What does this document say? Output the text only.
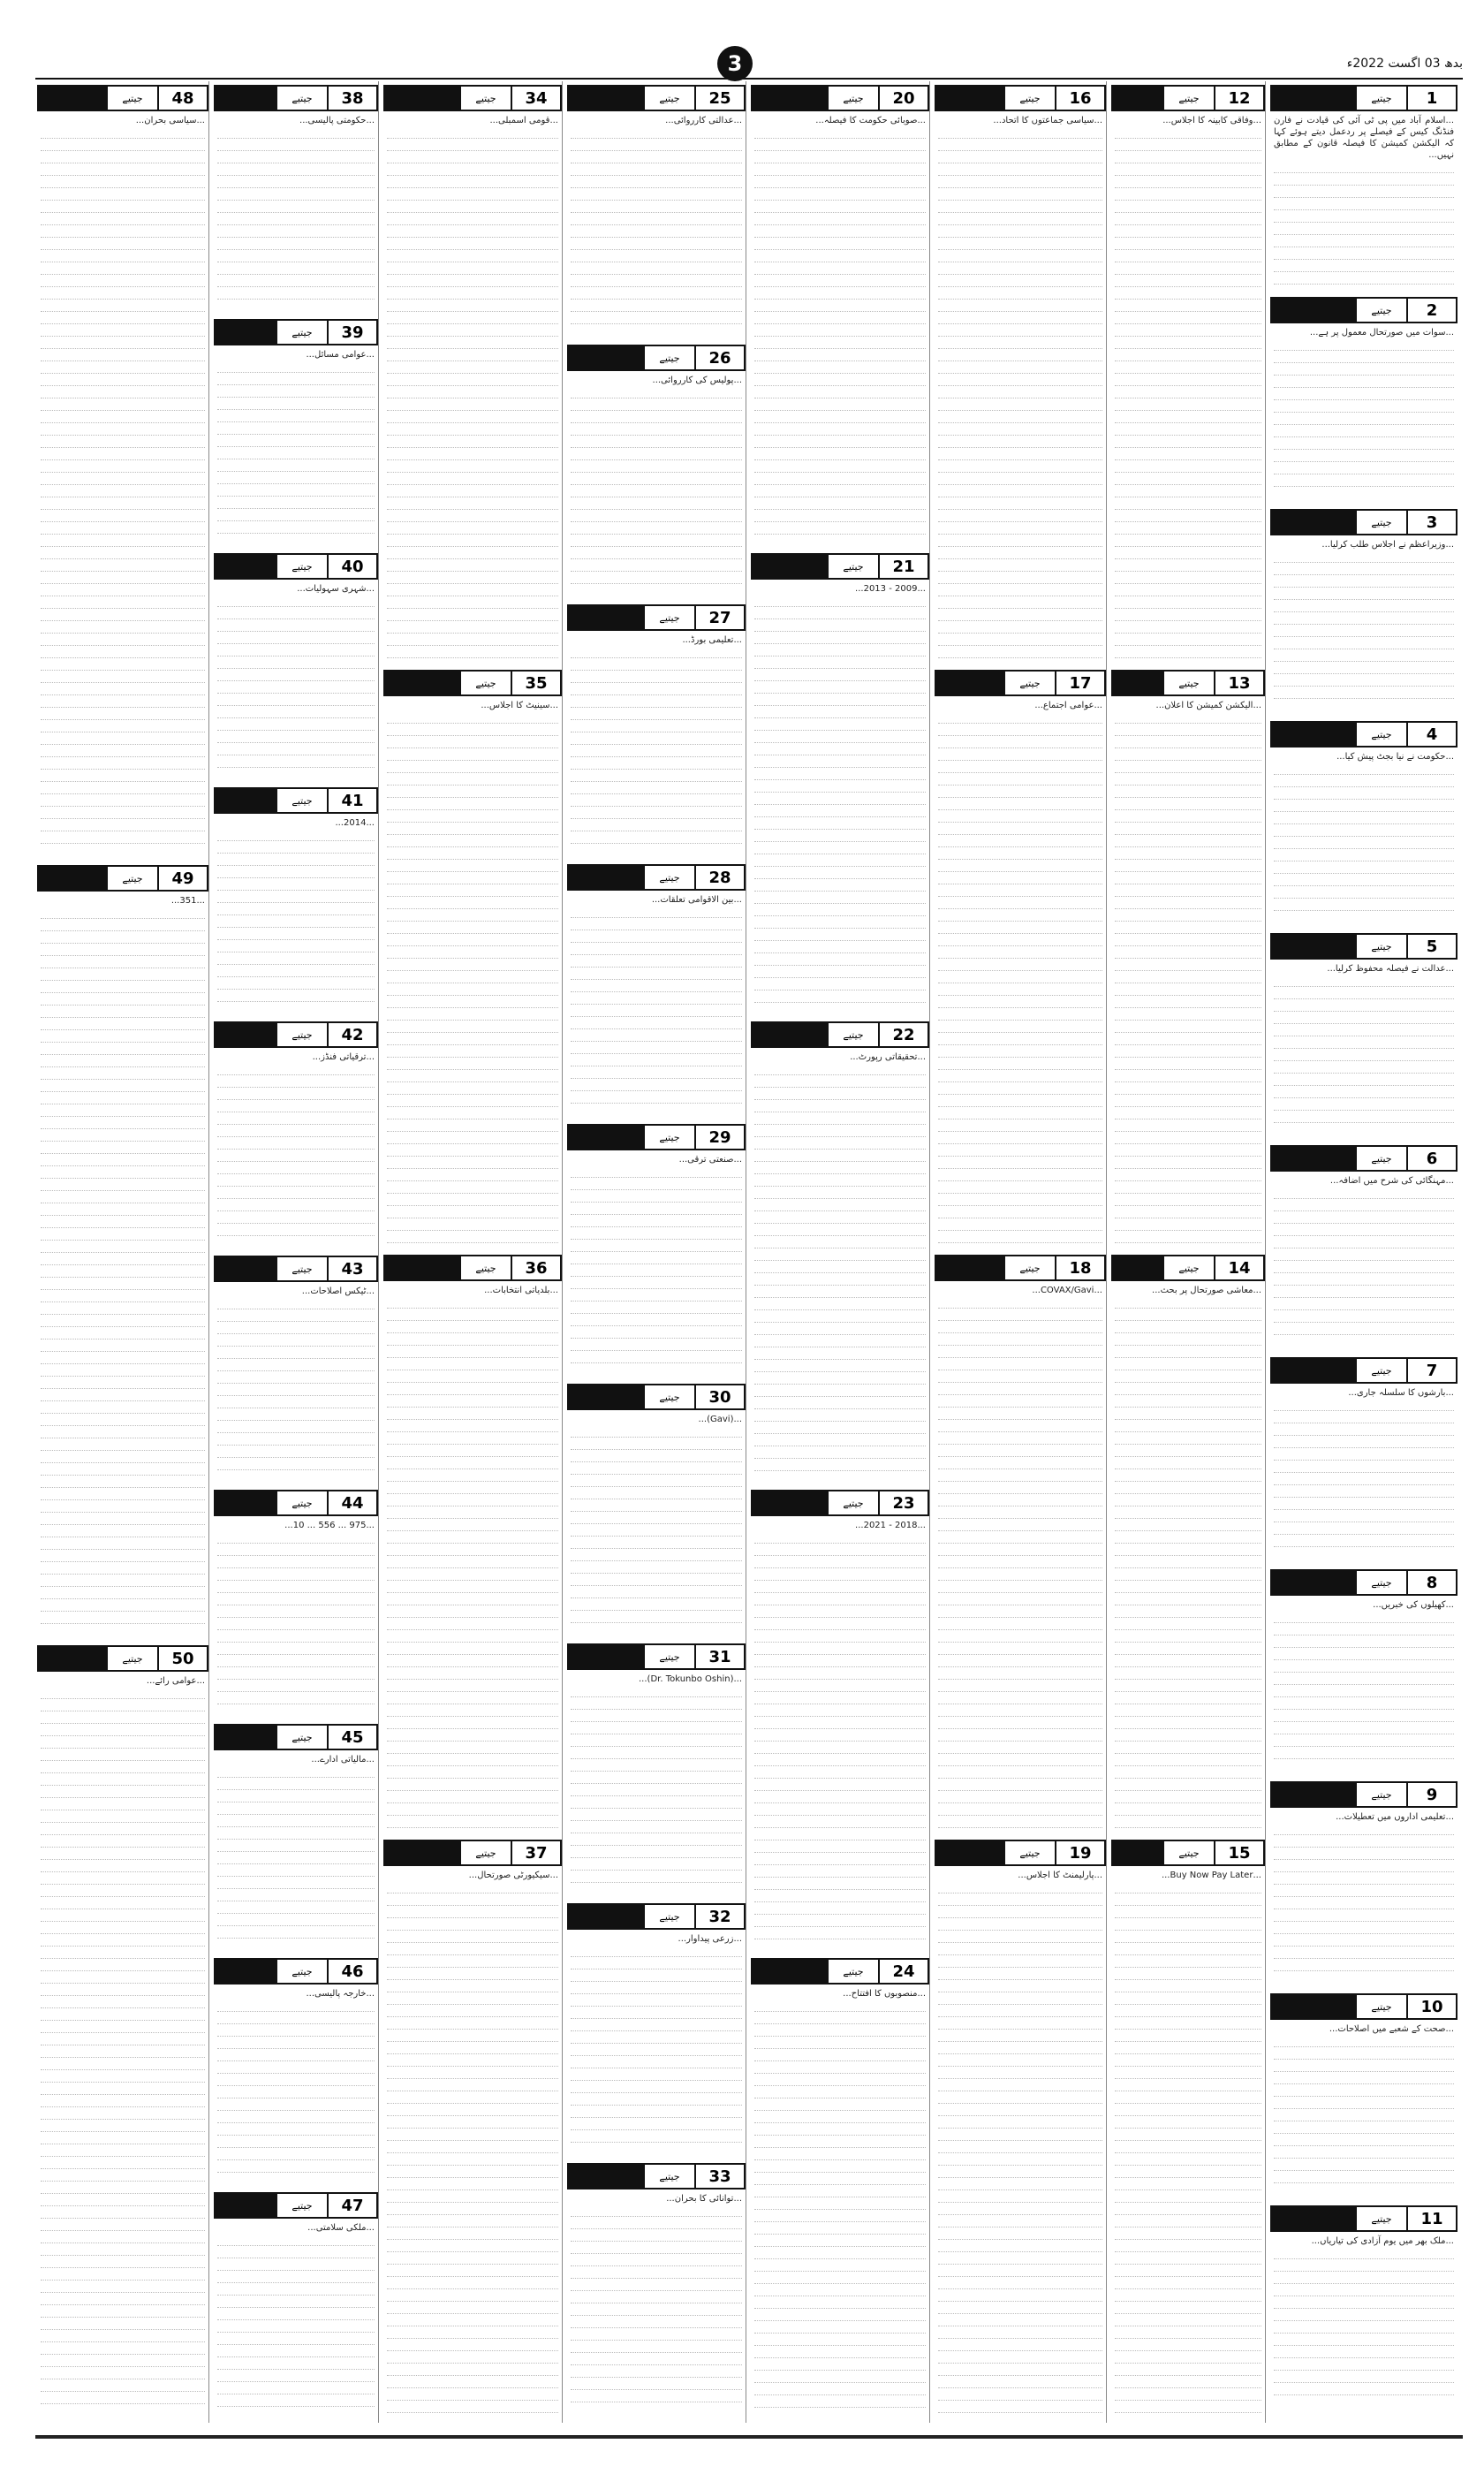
3	بدھ 03 اگست 2022ء
1
جیتیے
...اسلام آباد میں پی ٹی آئی کی قیادت نے فارن فنڈنگ کیس کے فیصلے پر ردعمل دیتے ہوئے کہا کہ الیکشن کمیشن کا فیصلہ قانون کے مطابق نہیں...
2
جیتیے
...سوات میں صورتحال معمول پر ہے...
3
جیتیے
...وزیراعظم نے اجلاس طلب کرلیا...
4
جیتیے
...حکومت نے نیا بجٹ پیش کیا...
5
جیتیے
...عدالت نے فیصلہ محفوظ کرلیا...
6
جیتیے
...مہنگائی کی شرح میں اضافہ...
7
جیتیے
...بارشوں کا سلسلہ جاری...
8
جیتیے
...کھیلوں کی خبریں...
9
جیتیے
...تعلیمی اداروں میں تعطیلات...
10
جیتیے
...صحت کے شعبے میں اصلاحات...
11
جیتیے
...ملک بھر میں یوم آزادی کی تیاریاں...
12
جیتیے
...وفاقی کابینہ کا اجلاس...
13
جیتیے
...الیکشن کمیشن کا اعلان...
14
جیتیے
...معاشی صورتحال پر بحث...
15
جیتیے
...Buy Now Pay Later...
16
جیتیے
...سیاسی جماعتوں کا اتحاد...
17
جیتیے
...عوامی اجتماع...
18
جیتیے
...COVAX/Gavi...
19
جیتیے
...پارلیمنٹ کا اجلاس...
20
جیتیے
...صوبائی حکومت کا فیصلہ...
21
جیتیے
...2009 - 2013...
22
جیتیے
...تحقیقاتی رپورٹ...
23
جیتیے
...2018 - 2021...
24
جیتیے
...منصوبوں کا افتتاح...
25
جیتیے
...عدالتی کارروائی...
26
جیتیے
...پولیس کی کارروائی...
27
جیتیے
...تعلیمی بورڈ...
28
جیتیے
...بین الاقوامی تعلقات...
29
جیتیے
...صنعتی ترقی...
30
جیتیے
...(Gavi)...
31
جیتیے
...(Dr. Tokunbo Oshin)...
32
جیتیے
...زرعی پیداوار...
33
جیتیے
...توانائی کا بحران...
34
جیتیے
...قومی اسمبلی...
35
جیتیے
...سینیٹ کا اجلاس...
36
جیتیے
...بلدیاتی انتخابات...
37
جیتیے
...سیکیورٹی صورتحال...
38
جیتیے
...حکومتی پالیسی...
39
جیتیے
...عوامی مسائل...
40
جیتیے
...شہری سہولیات...
41
جیتیے
...2014...
42
جیتیے
...ترقیاتی فنڈز...
43
جیتیے
...ٹیکس اصلاحات...
44
جیتیے
...975 ... 556 ... 10...
45
جیتیے
...مالیاتی ادارے...
46
جیتیے
...خارجہ پالیسی...
47
جیتیے
...ملکی سلامتی...
48
جیتیے
...سیاسی بحران...
49
جیتیے
...351...
50
جیتیے
...عوامی رائے...
